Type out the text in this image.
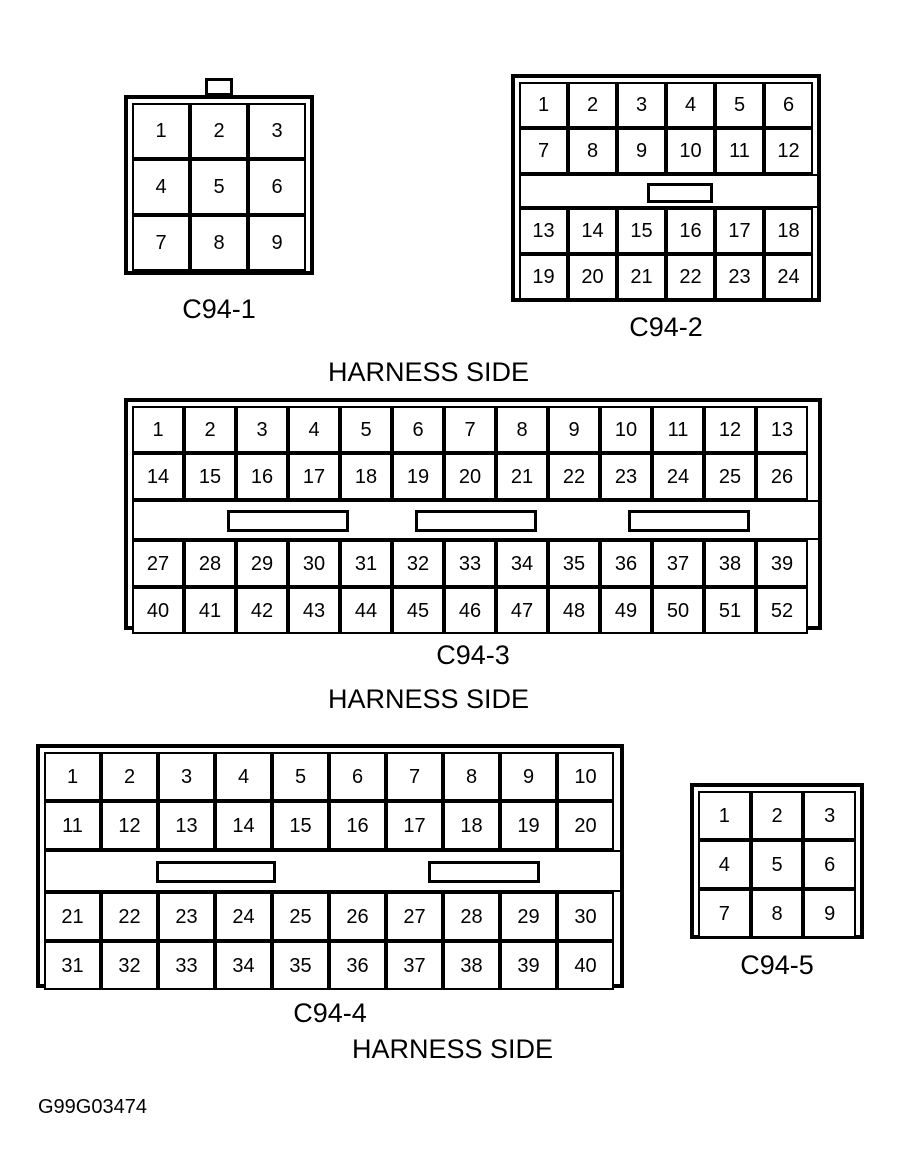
1	2	3
4	5	6
7	8	9
C94-1
1	2	3	4	5	6
7	8	9	10	11	12
13	14	15	16	17	18
19	20	21	22	23	24
C94-2
HARNESS SIDE
1	2	3	4	5	6	7	8	9	10	11	12	13
14	15	16	17	18	19	20	21	22	23	24	25	26
27	28	29	30	31	32	33	34	35	36	37	38	39
40	41	42	43	44	45	46	47	48	49	50	51	52
C94-3
HARNESS SIDE
1	2	3	4	5	6	7	8	9	10
11	12	13	14	15	16	17	18	19	20
21	22	23	24	25	26	27	28	29	30
31	32	33	34	35	36	37	38	39	40
C94-4
HARNESS SIDE
1	2	3
4	5	6
7	8	9
C94-5
G99G03474
